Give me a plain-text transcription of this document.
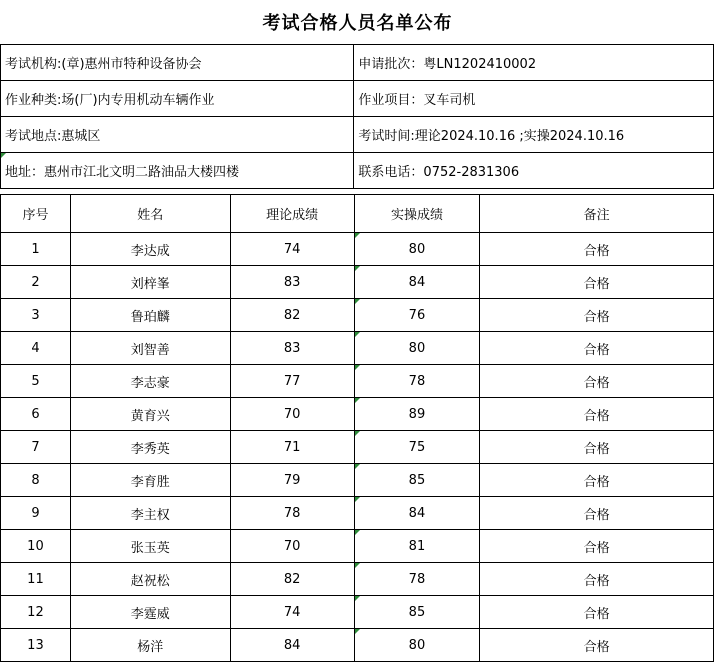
考试合格人员名单公布
考试机构:(章)惠州市特种设备协会	申请批次：粤LN1202410002
作业种类:场(厂)内专用机动车辆作业	作业项目：叉车司机
考试地点:惠城区	考试时间:理论2024.10.16 ;实操2024.10.16
地址：惠州市江北文明二路油品大楼四楼	联系电话：0752-2831306
序号	姓名	理论成绩	实操成绩	备注
1	李达成	74	80	合格
2	刘梓峯	83	84	合格
3	鲁珀麟	82	76	合格
4	刘智善	83	80	合格
5	李志豪	77	78	合格
6	黄育兴	70	89	合格
7	李秀英	71	75	合格
8	李育胜	79	85	合格
9	李主权	78	84	合格
10	张玉英	70	81	合格
11	赵祝松	82	78	合格
12	李霆威	74	85	合格
13	杨洋	84	80	合格
